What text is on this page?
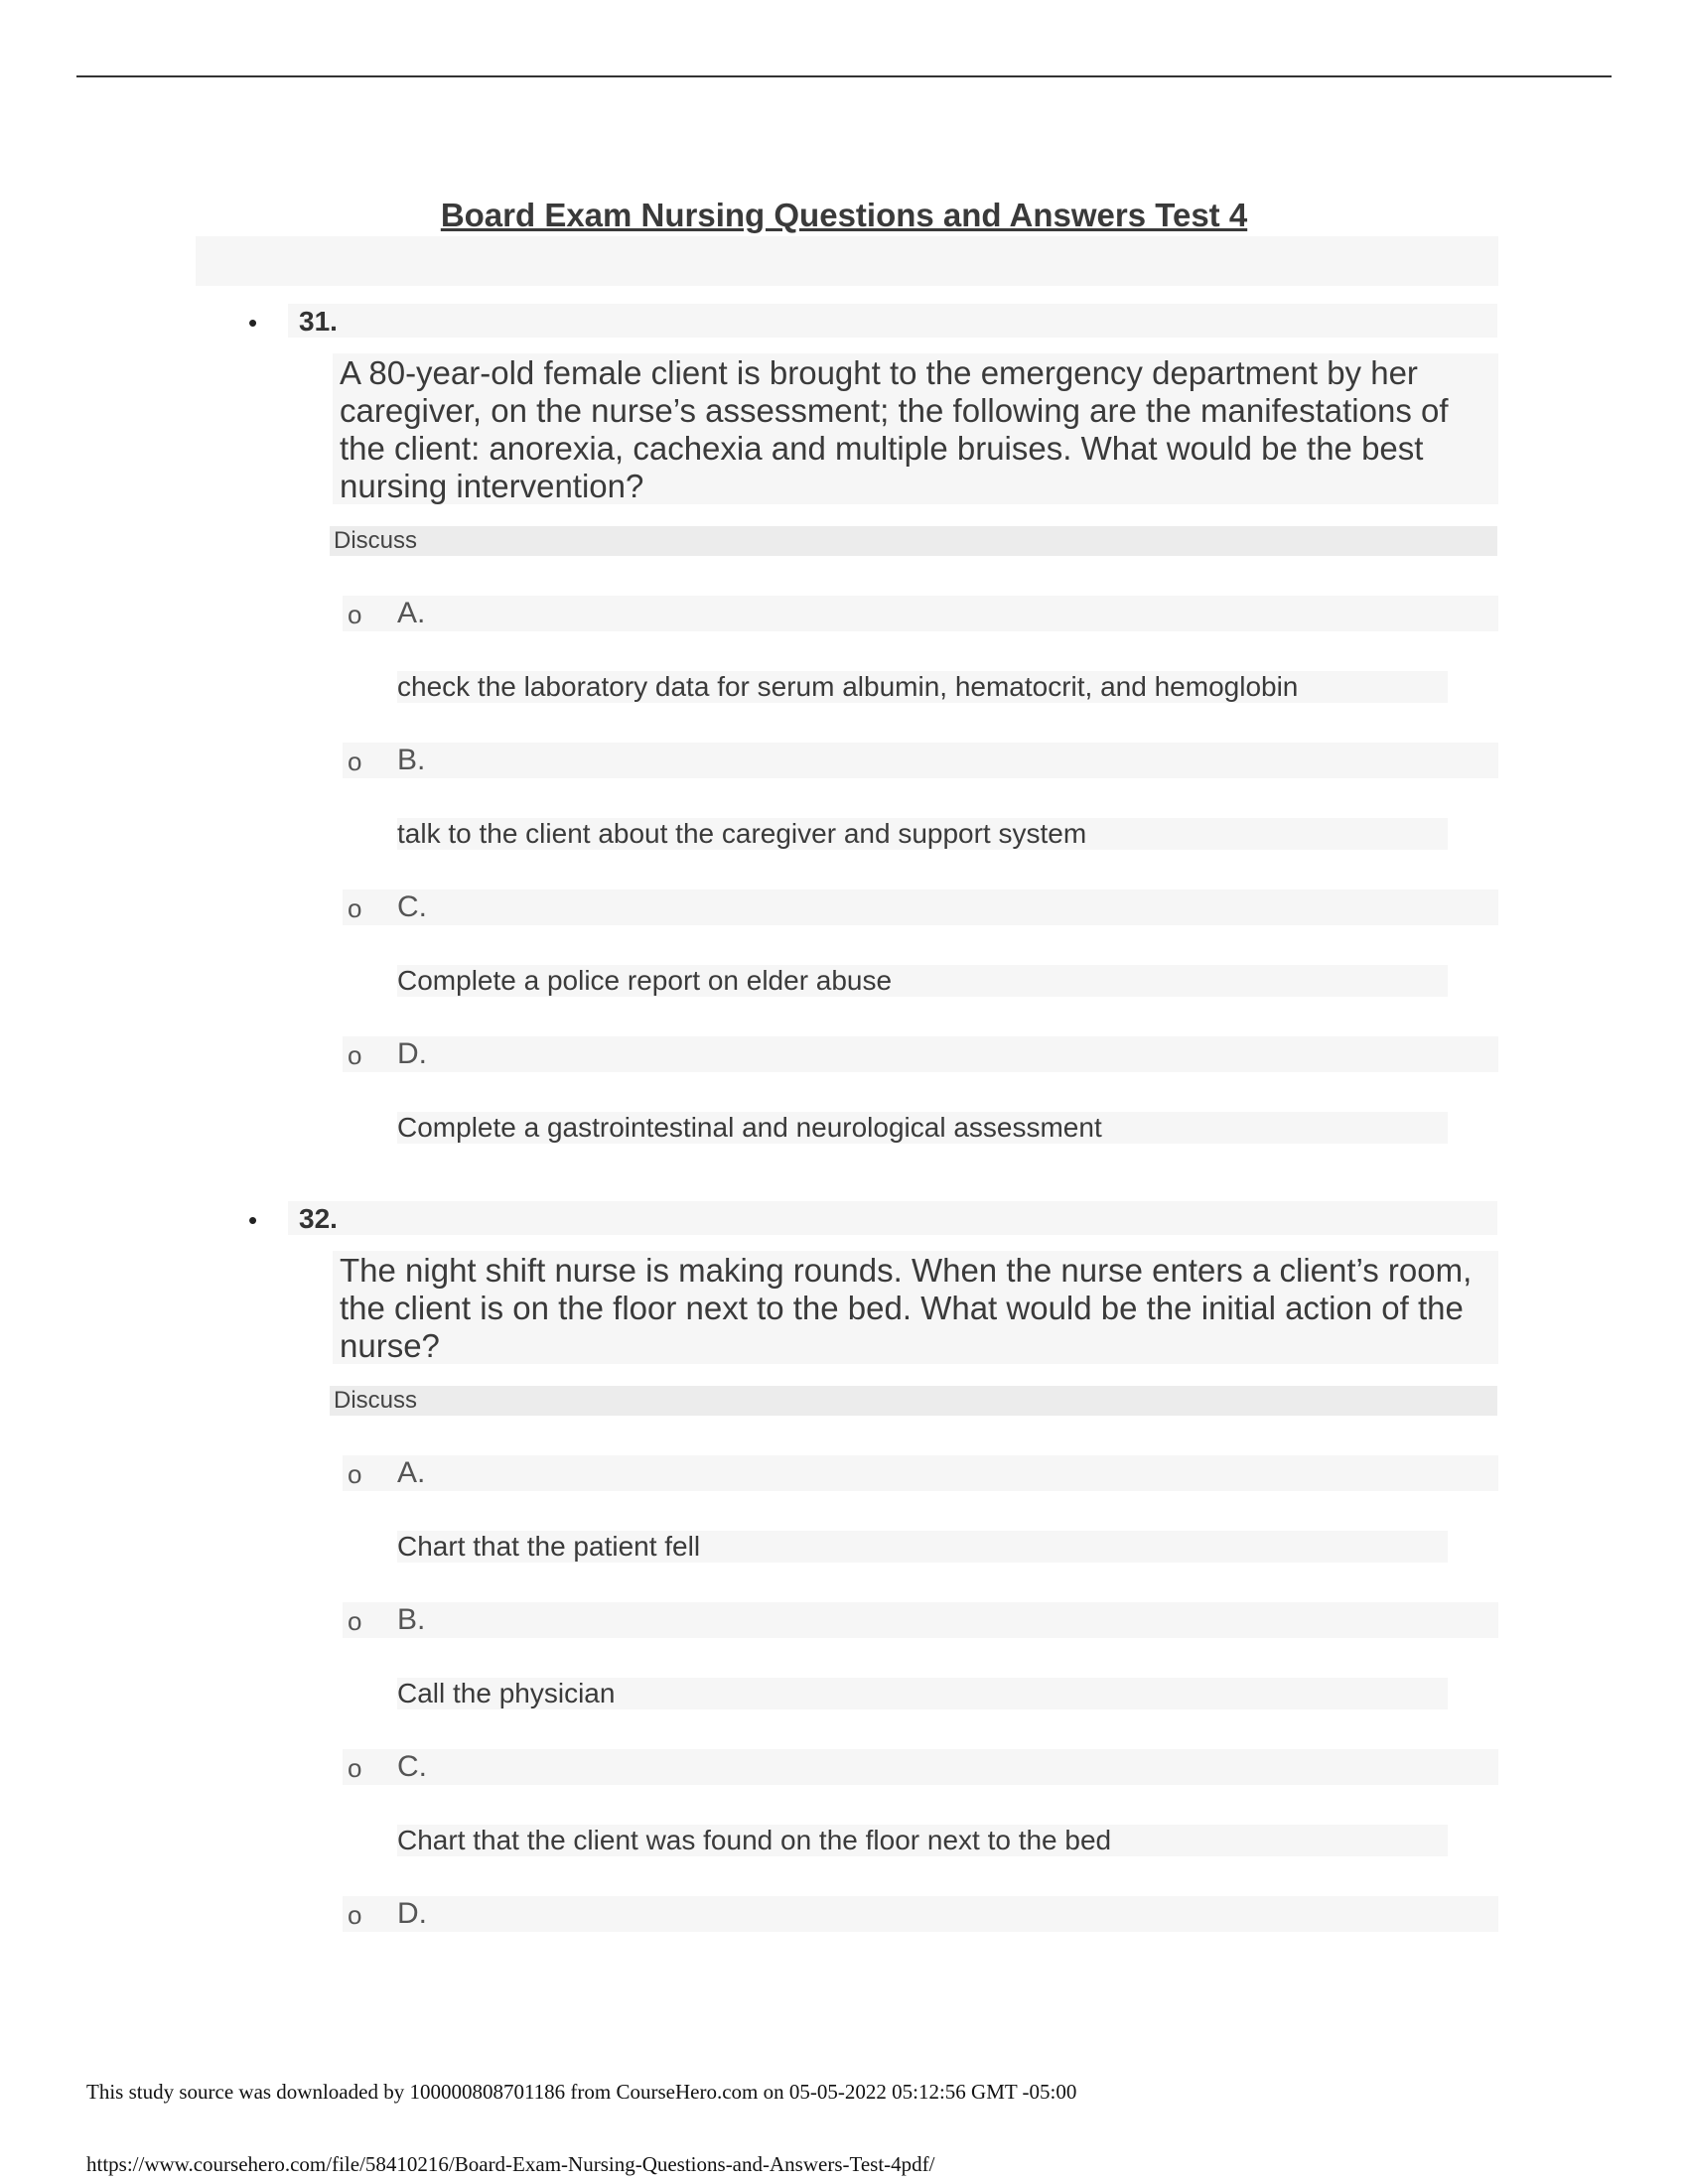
Board Exam Nursing Questions and Answers Test 4
• 31.
A 80-year-old female client is brought to the emergency department by her caregiver, on the nurse’s assessment; the following are the manifestations of the client: anorexia, cachexia and multiple bruises. What would be the best nursing intervention?
Discuss
o A.
check the laboratory data for serum albumin, hematocrit, and hemoglobin
o B.
talk to the client about the caregiver and support system
o C.
Complete a police report on elder abuse
o D.
Complete a gastrointestinal and neurological assessment
• 32.
The night shift nurse is making rounds. When the nurse enters a client’s room, the client is on the floor next to the bed. What would be the initial action of the nurse?
Discuss
o A.
Chart that the patient fell
o B.
Call the physician
o C.
Chart that the client was found on the floor next to the bed
o D.
This study source was downloaded by 100000808701186 from CourseHero.com on 05-05-2022 05:12:56 GMT -05:00
https://www.coursehero.com/file/58410216/Board-Exam-Nursing-Questions-and-Answers-Test-4pdf/
